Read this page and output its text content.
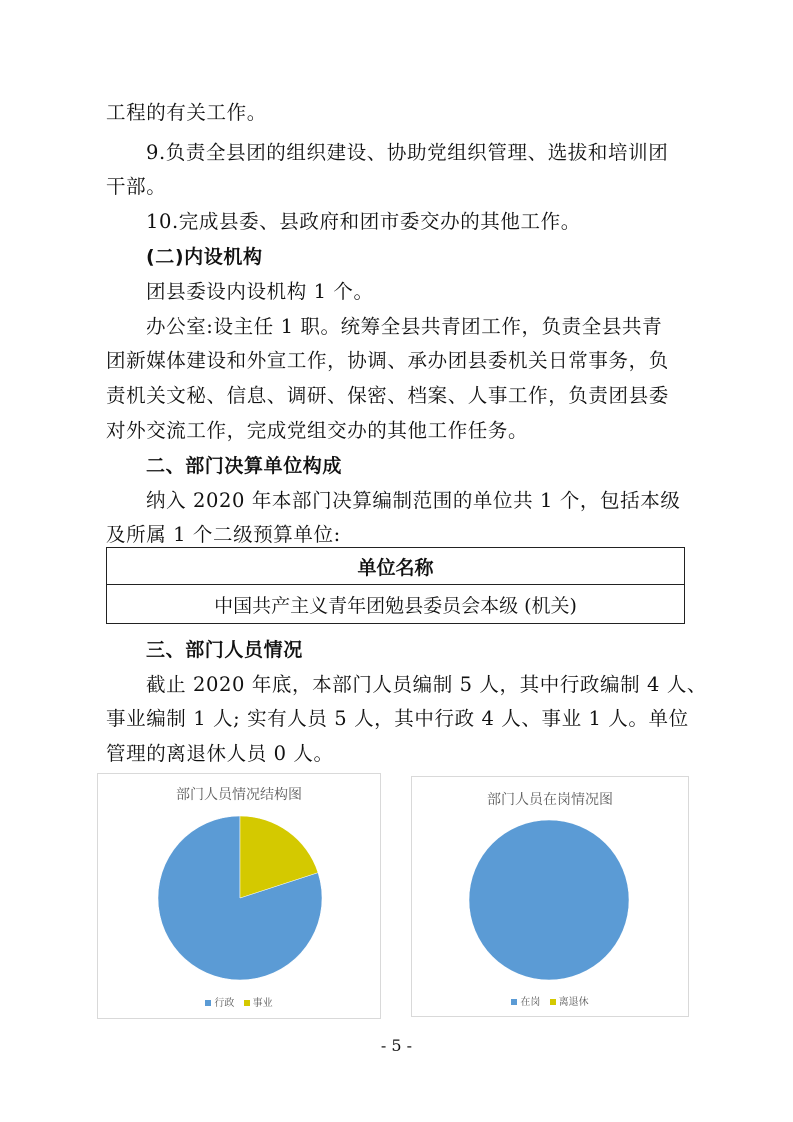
工程的有关工作。
9.负责全县团的组织建设、协助党组织管理、选拔和培训团
干部。
10.完成县委、县政府和团市委交办的其他工作。
(二)内设机构
团县委设内设机构 1 个。
办公室:设主任 1 职。统筹全县共青团工作，负责全县共青
团新媒体建设和外宣工作，协调、承办团县委机关日常事务，负
责机关文秘、信息、调研、保密、档案、人事工作，负责团县委
对外交流工作，完成党组交办的其他工作任务。
二、部门决算单位构成
纳入 2020 年本部门决算编制范围的单位共 1 个，包括本级
及所属 1 个二级预算单位:
单位名称
中国共产主义青年团勉县委员会本级 (机关)
三、部门人员情况
截止 2020 年底，本部门人员编制 5 人，其中行政编制 4 人、
事业编制 1 人; 实有人员 5 人，其中行政 4 人、事业 1 人。单位
管理的离退休人员 0 人。
部门人员情况结构图
行政 事业
部门人员在岗情况图
在岗 离退休
- 5 -
